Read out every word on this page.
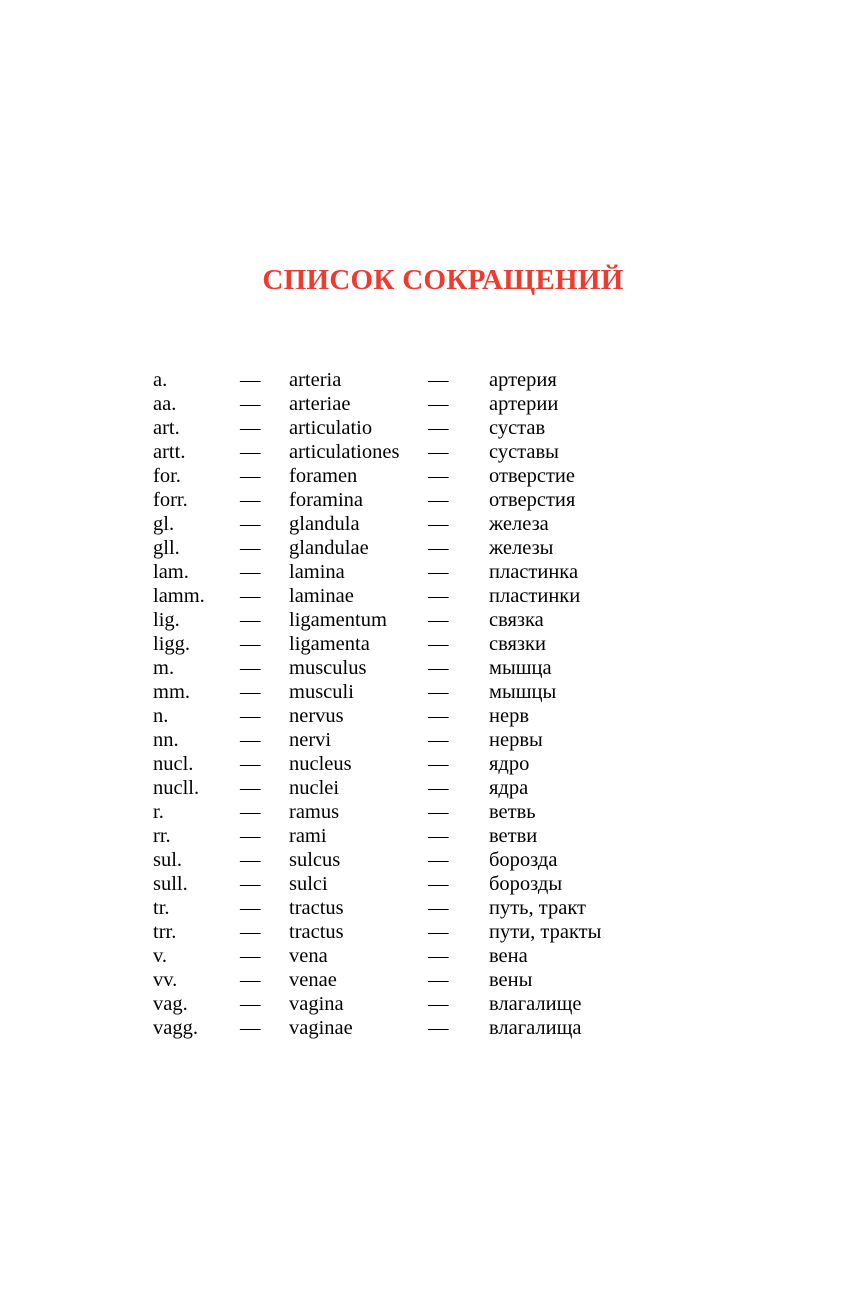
СПИСОК СОКРАЩЕНИЙ
a.	— arteria	— артерия
aa.	— arteriae	— артерии
art.	— articulatio	— сустав
artt.	— articulationes — суставы
for.	— foramen	— отверстие
forr.	— foramina	— отверстия
gl.	— glandula	— железа
gll.	— glandulae	— железы
lam. — lamina	— пластинка
lamm. — laminae	— пластинки
lig.	— ligamentum — связка
ligg. — ligamenta	— связки
m.	— musculus	— мышца
mm. — musculi	— мышцы
n.	— nervus	— нерв
nn.	— nervi	— нервы
nucl. — nucleus	— ядро
nucll. — nuclei	— ядра
r.	— ramus	— ветвь
rr.	— rami	— ветви
sul.	— sulcus	— борозда
sull.	— sulci	— борозды
tr.	— tractus	— путь, тракт
trr.	— tractus	— пути, тракты
v.	— vena	— вена
vv.	— venae	— вены
vag.	— vagina	— влагалище
vagg. — vaginae	— влагалища
